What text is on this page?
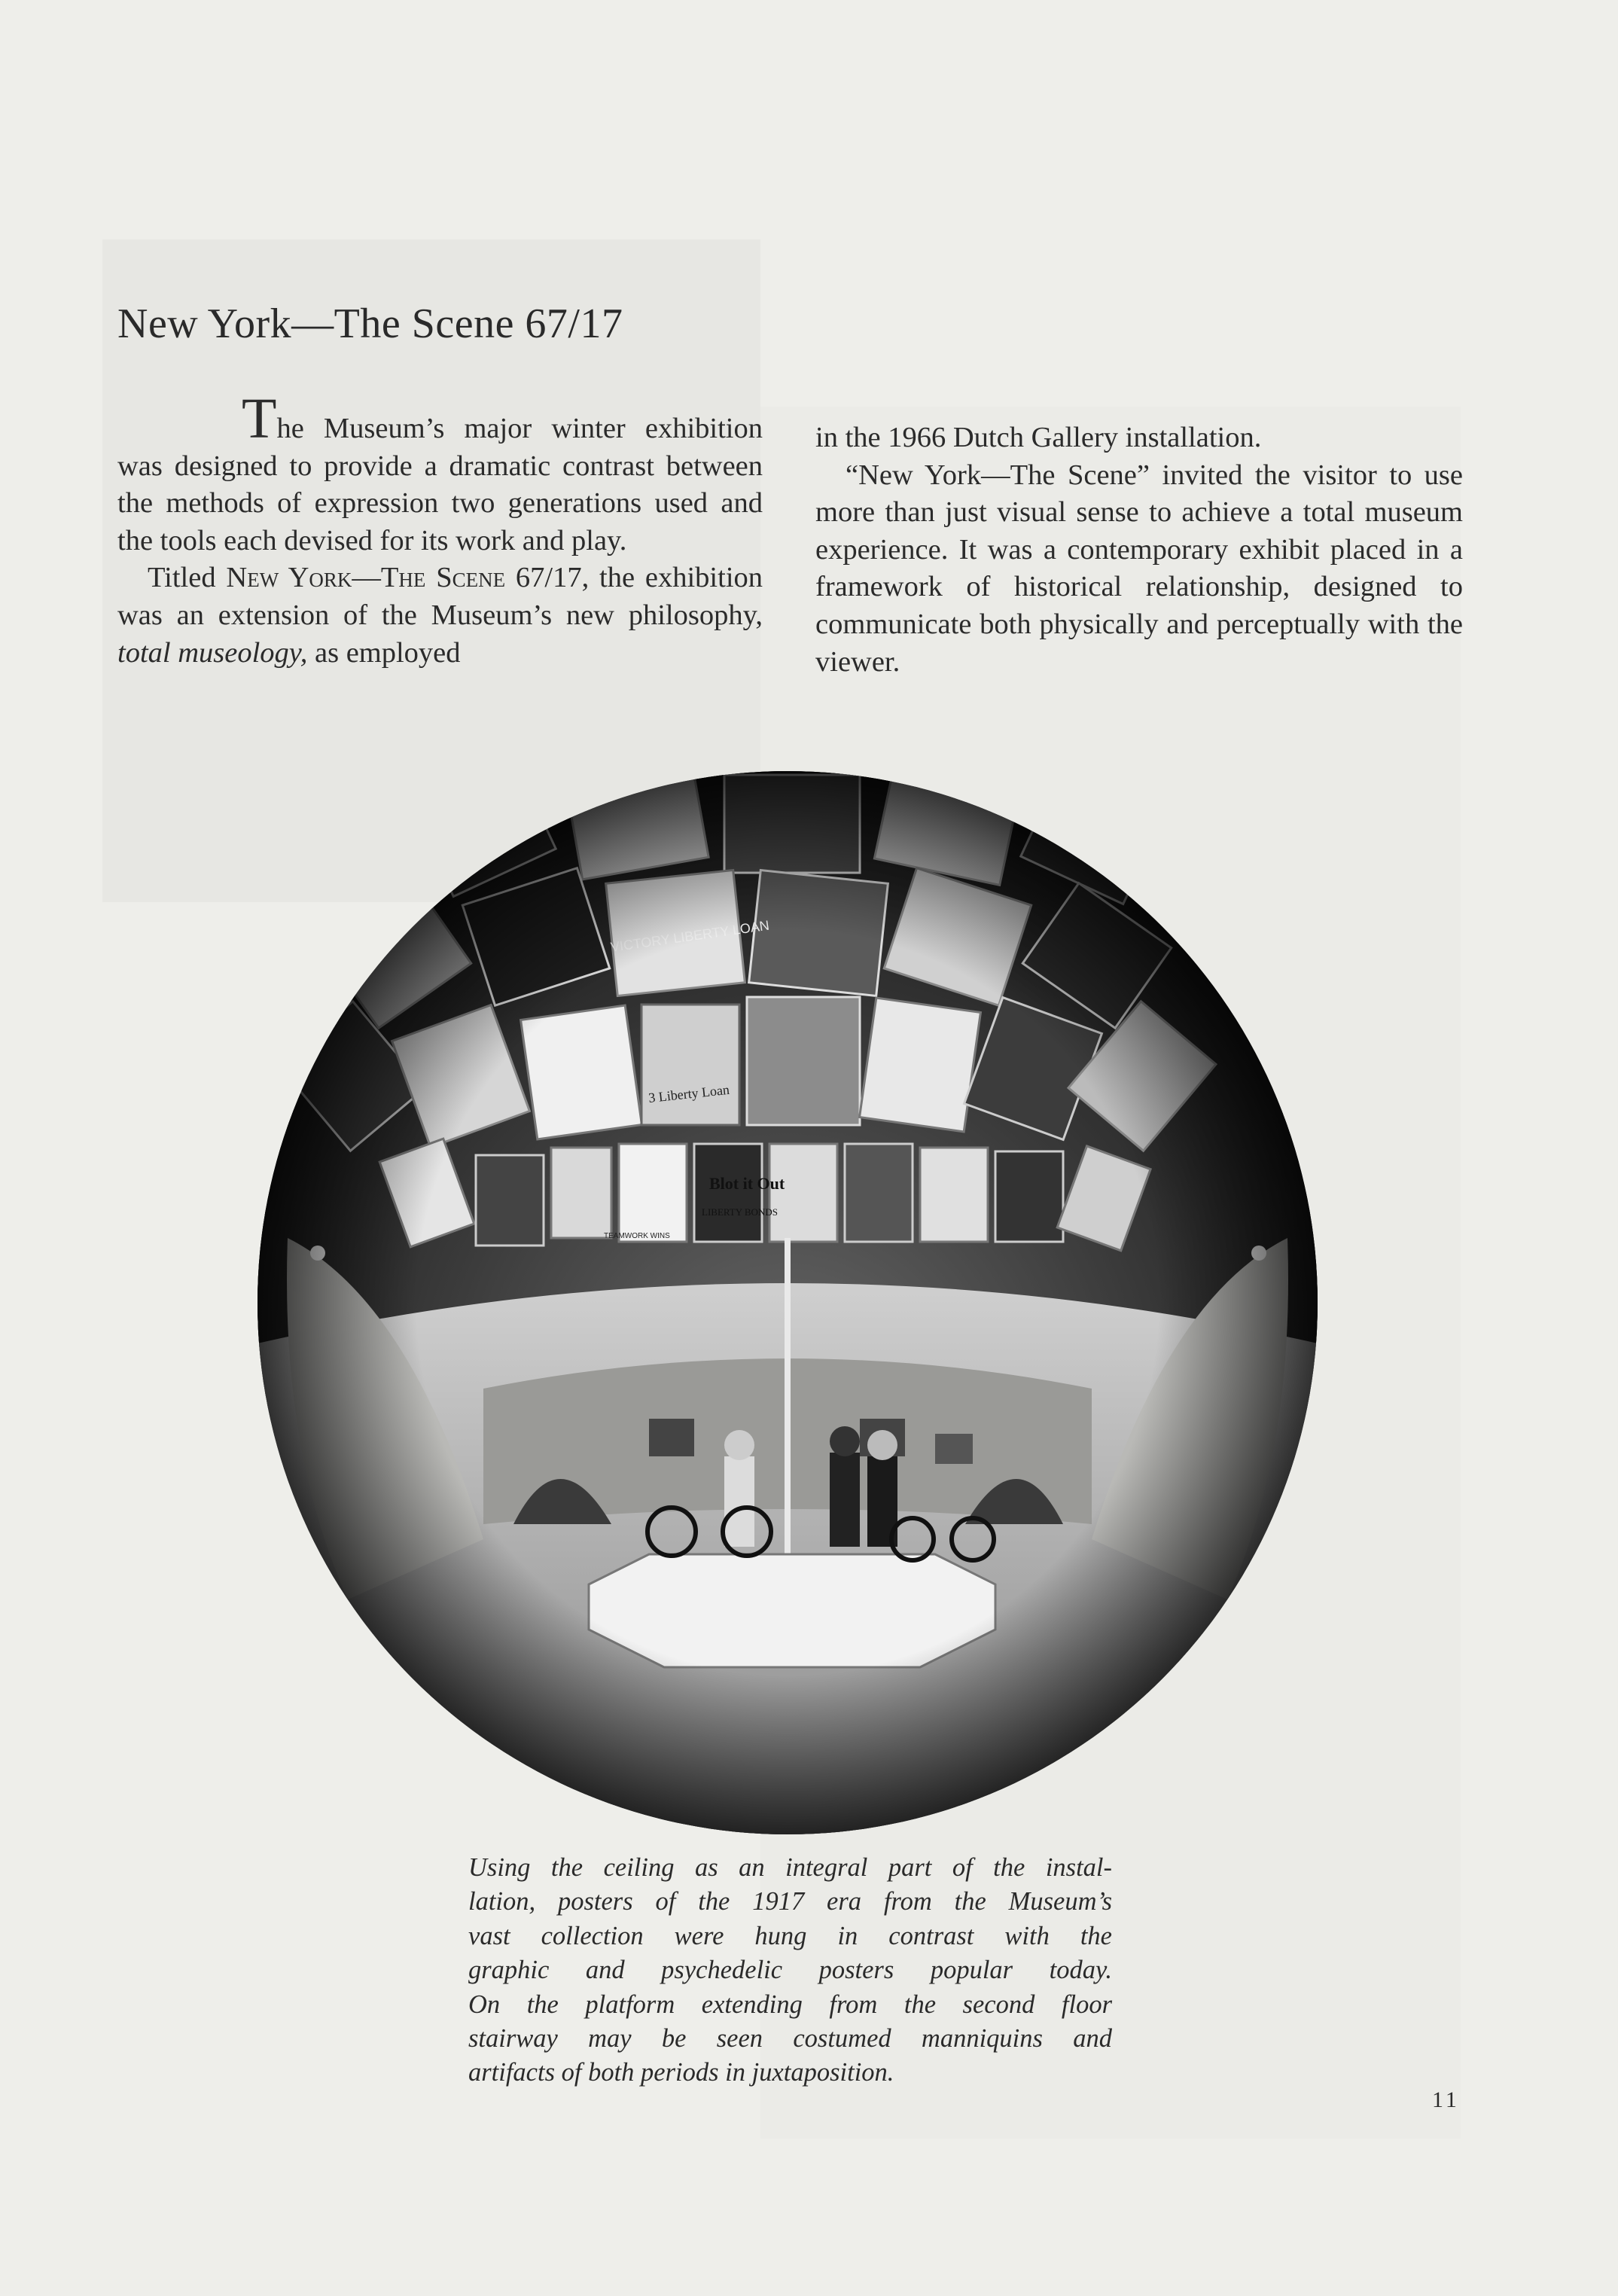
New York—The Scene 67/17

The Museum’s major winter exhibition was designed to provide a dramatic contrast between the methods of expression two generations used and the tools each devised for its work and play.

Titled New York—The Scene 67/17, the exhibition was an extension of the Museum’s new philosophy, total museology, as employed

in the 1966 Dutch Gallery installation.

“New York—The Scene” invited the visitor to use more than just visual sense to achieve a total museum experience. It was a contemporary exhibit placed in a framework of historical relationship, designed to communicate both physically and perceptually with the viewer.

Using the ceiling as an integral part of the instal-
lation, posters of the 1917 era from the Museum’s
vast collection were hung in contrast with the
graphic and psychedelic posters popular today.
On the platform extending from the second floor
stairway may be seen costumed manniquins and
artifacts of both periods in juxtaposition.
11
